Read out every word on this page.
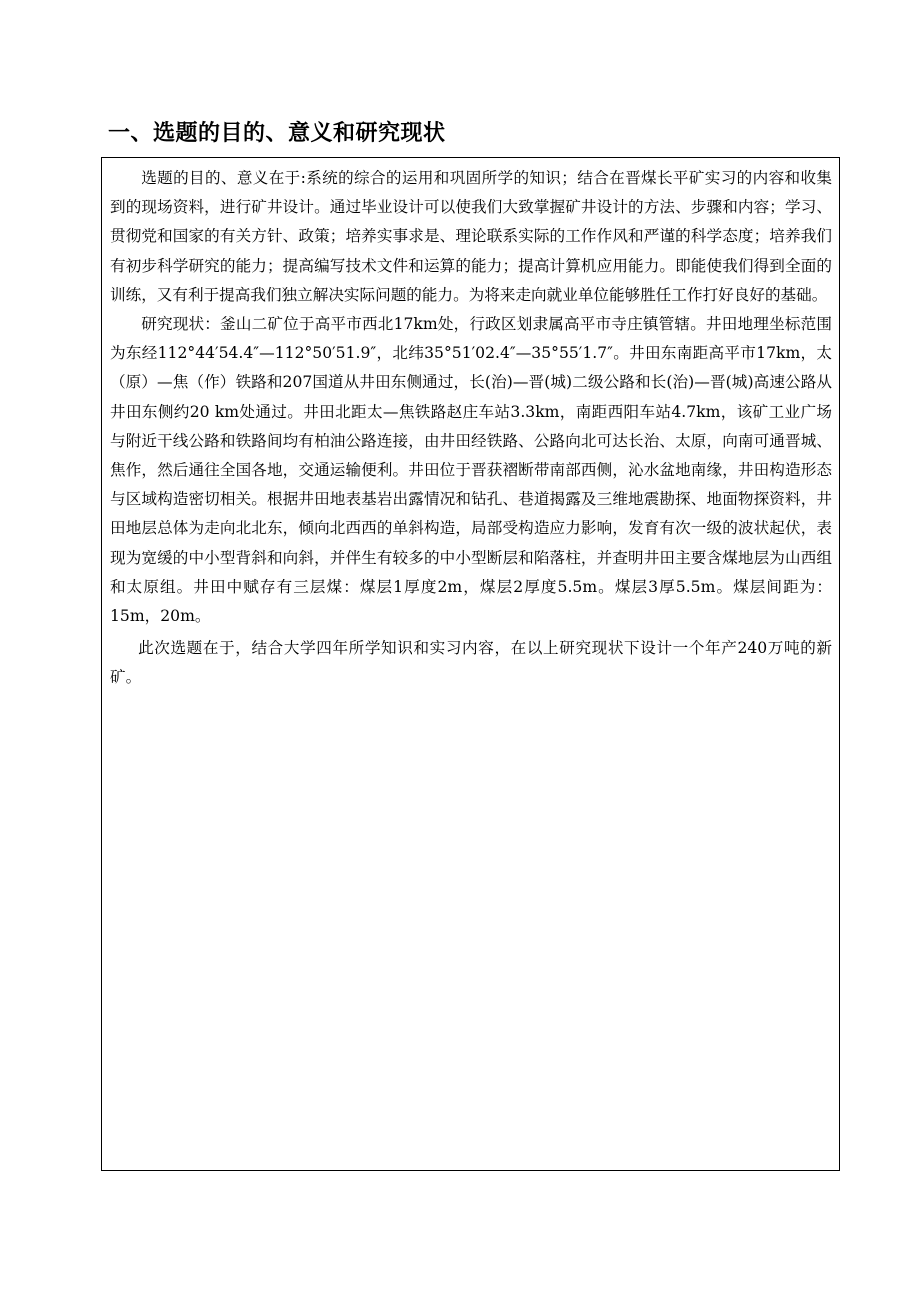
一、选题的目的、意义和研究现状

选题的目的、意义在于:系统的综合的运用和巩固所学的知识；结合在晋煤长平矿实习的内容和收集到的现场资料，进行矿井设计。通过毕业设计可以使我们大致掌握矿井设计的方法、步骤和内容；学习、贯彻党和国家的有关方针、政策；培养实事求是、理论联系实际的工作作风和严谨的科学态度；培养我们有初步科学研究的能力；提高编写技术文件和运算的能力；提高计算机应用能力。即能使我们得到全面的训练，又有利于提高我们独立解决实际问题的能力。为将来走向就业单位能够胜任工作打好良好的基础。

研究现状：釜山二矿位于高平市西北17km处，行政区划隶属高平市寺庄镇管辖。井田地理坐标范围为东经112°44′54.4″—112°50′51.9″，北纬35°51′02.4″—35°55′1.7″。井田东南距高平市17km，太（原）—焦（作）铁路和207国道从井田东侧通过，长(治)—晋(城)二级公路和长(治)—晋(城)高速公路从井田东侧约20 km处通过。井田北距太—焦铁路赵庄车站3.3km，南距西阳车站4.7km，该矿工业广场与附近干线公路和铁路间均有柏油公路连接，由井田经铁路、公路向北可达长治、太原，向南可通晋城、焦作，然后通往全国各地，交通运输便利。井田位于晋获褶断带南部西侧，沁水盆地南缘，井田构造形态与区域构造密切相关。根据井田地表基岩出露情况和钻孔、巷道揭露及三维地震勘探、地面物探资料，井田地层总体为走向北北东，倾向北西西的单斜构造，局部受构造应力影响，发育有次一级的波状起伏，表现为宽缓的中小型背斜和向斜，并伴生有较多的中小型断层和陷落柱，并查明井田主要含煤地层为山西组和太原组。井田中赋存有三层煤：煤层1厚度2m，煤层2厚度5.5m。煤层3厚5.5m。煤层间距为：15m，20m。

此次选题在于，结合大学四年所学知识和实习内容，在以上研究现状下设计一个年产240万吨的新矿。
